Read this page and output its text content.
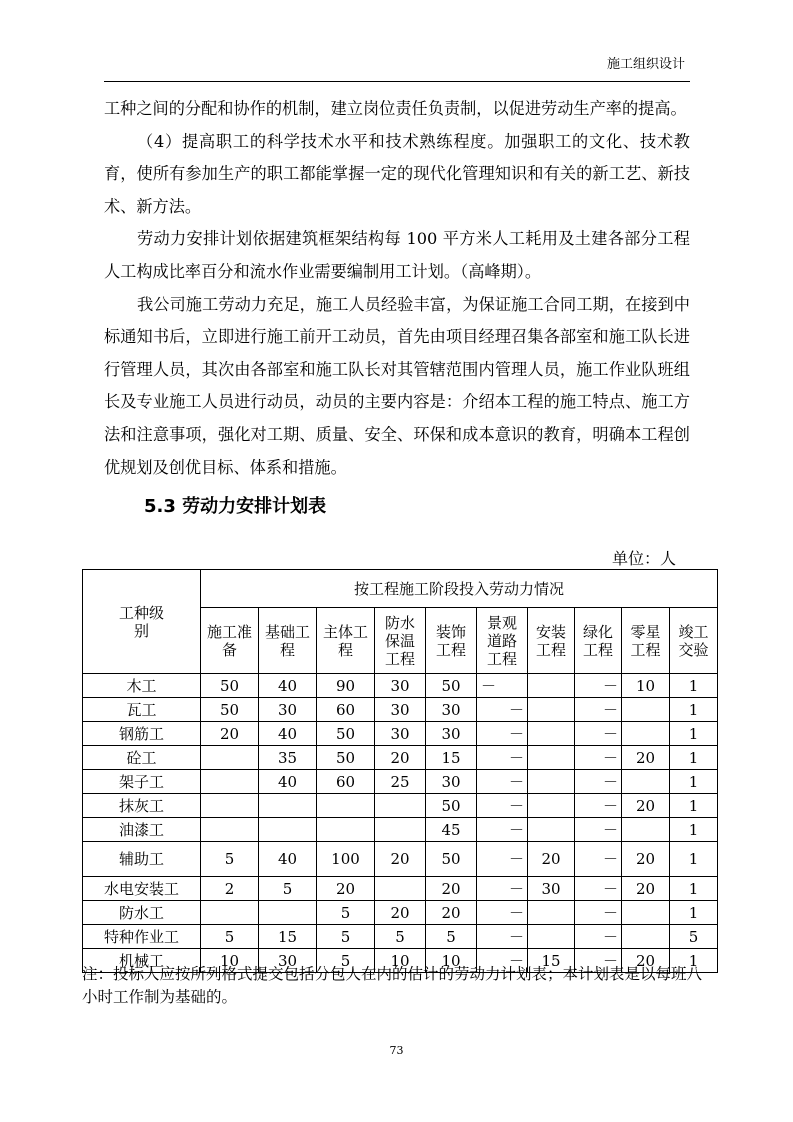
施工组织设计

工种之间的分配和协作的机制，建立岗位责任负责制，以促进劳动生产率的提高。

（4）提高职工的科学技术水平和技术熟练程度。加强职工的文化、技术教育，使所有参加生产的职工都能掌握一定的现代化管理知识和有关的新工艺、新技术、新方法。

劳动力安排计划依据建筑框架结构每 100 平方米人工耗用及土建各部分工程人工构成比率百分和流水作业需要编制用工计划。（高峰期）。

我公司施工劳动力充足，施工人员经验丰富，为保证施工合同工期，在接到中标通知书后，立即进行施工前开工动员，首先由项目经理召集各部室和施工队长进行管理人员，其次由各部室和施工队长对其管辖范围内管理人员，施工作业队班组长及专业施工人员进行动员，动员的主要内容是：介绍本工程的施工特点、施工方法和注意事项，强化对工期、质量、安全、环保和成本意识的教育，明确本工程创优规划及创优目标、体系和措施。

5.3 劳动力安排计划表
单位：人
工种级别	按工程施工阶段投入劳动力情况									
	施工准备	基础工程	主体工程	防水保温工程	装饰工程	景观道路工程	安装工程	绿化工程	零星工程	竣工交验
木工	50	40	90	30	50	－		－	10	1
瓦工	50	30	60	30	30	－		－		1
钢筋工	20	40	50	30	30	－		－		1
砼工		35	50	20	15	－		－	20	1
架子工		40	60	25	30	－		－		1
抹灰工					50	－		－	20	1
油漆工					45	－		－		1
辅助工	5	40	100	20	50	－	20	－	20	1
水电安装工	2	5	20		20	－	30	－	20	1
防水工			5	20	20	－		－		1
特种作业工	5	15	5	5	5	－		－		5
机械工	10	30	5	10	10	－	15	－	20	1
注：投标人应按所列格式提交包括分包人在内的估计的劳动力计划表；本计划表是以每班八小时工作制为基础的。
73
